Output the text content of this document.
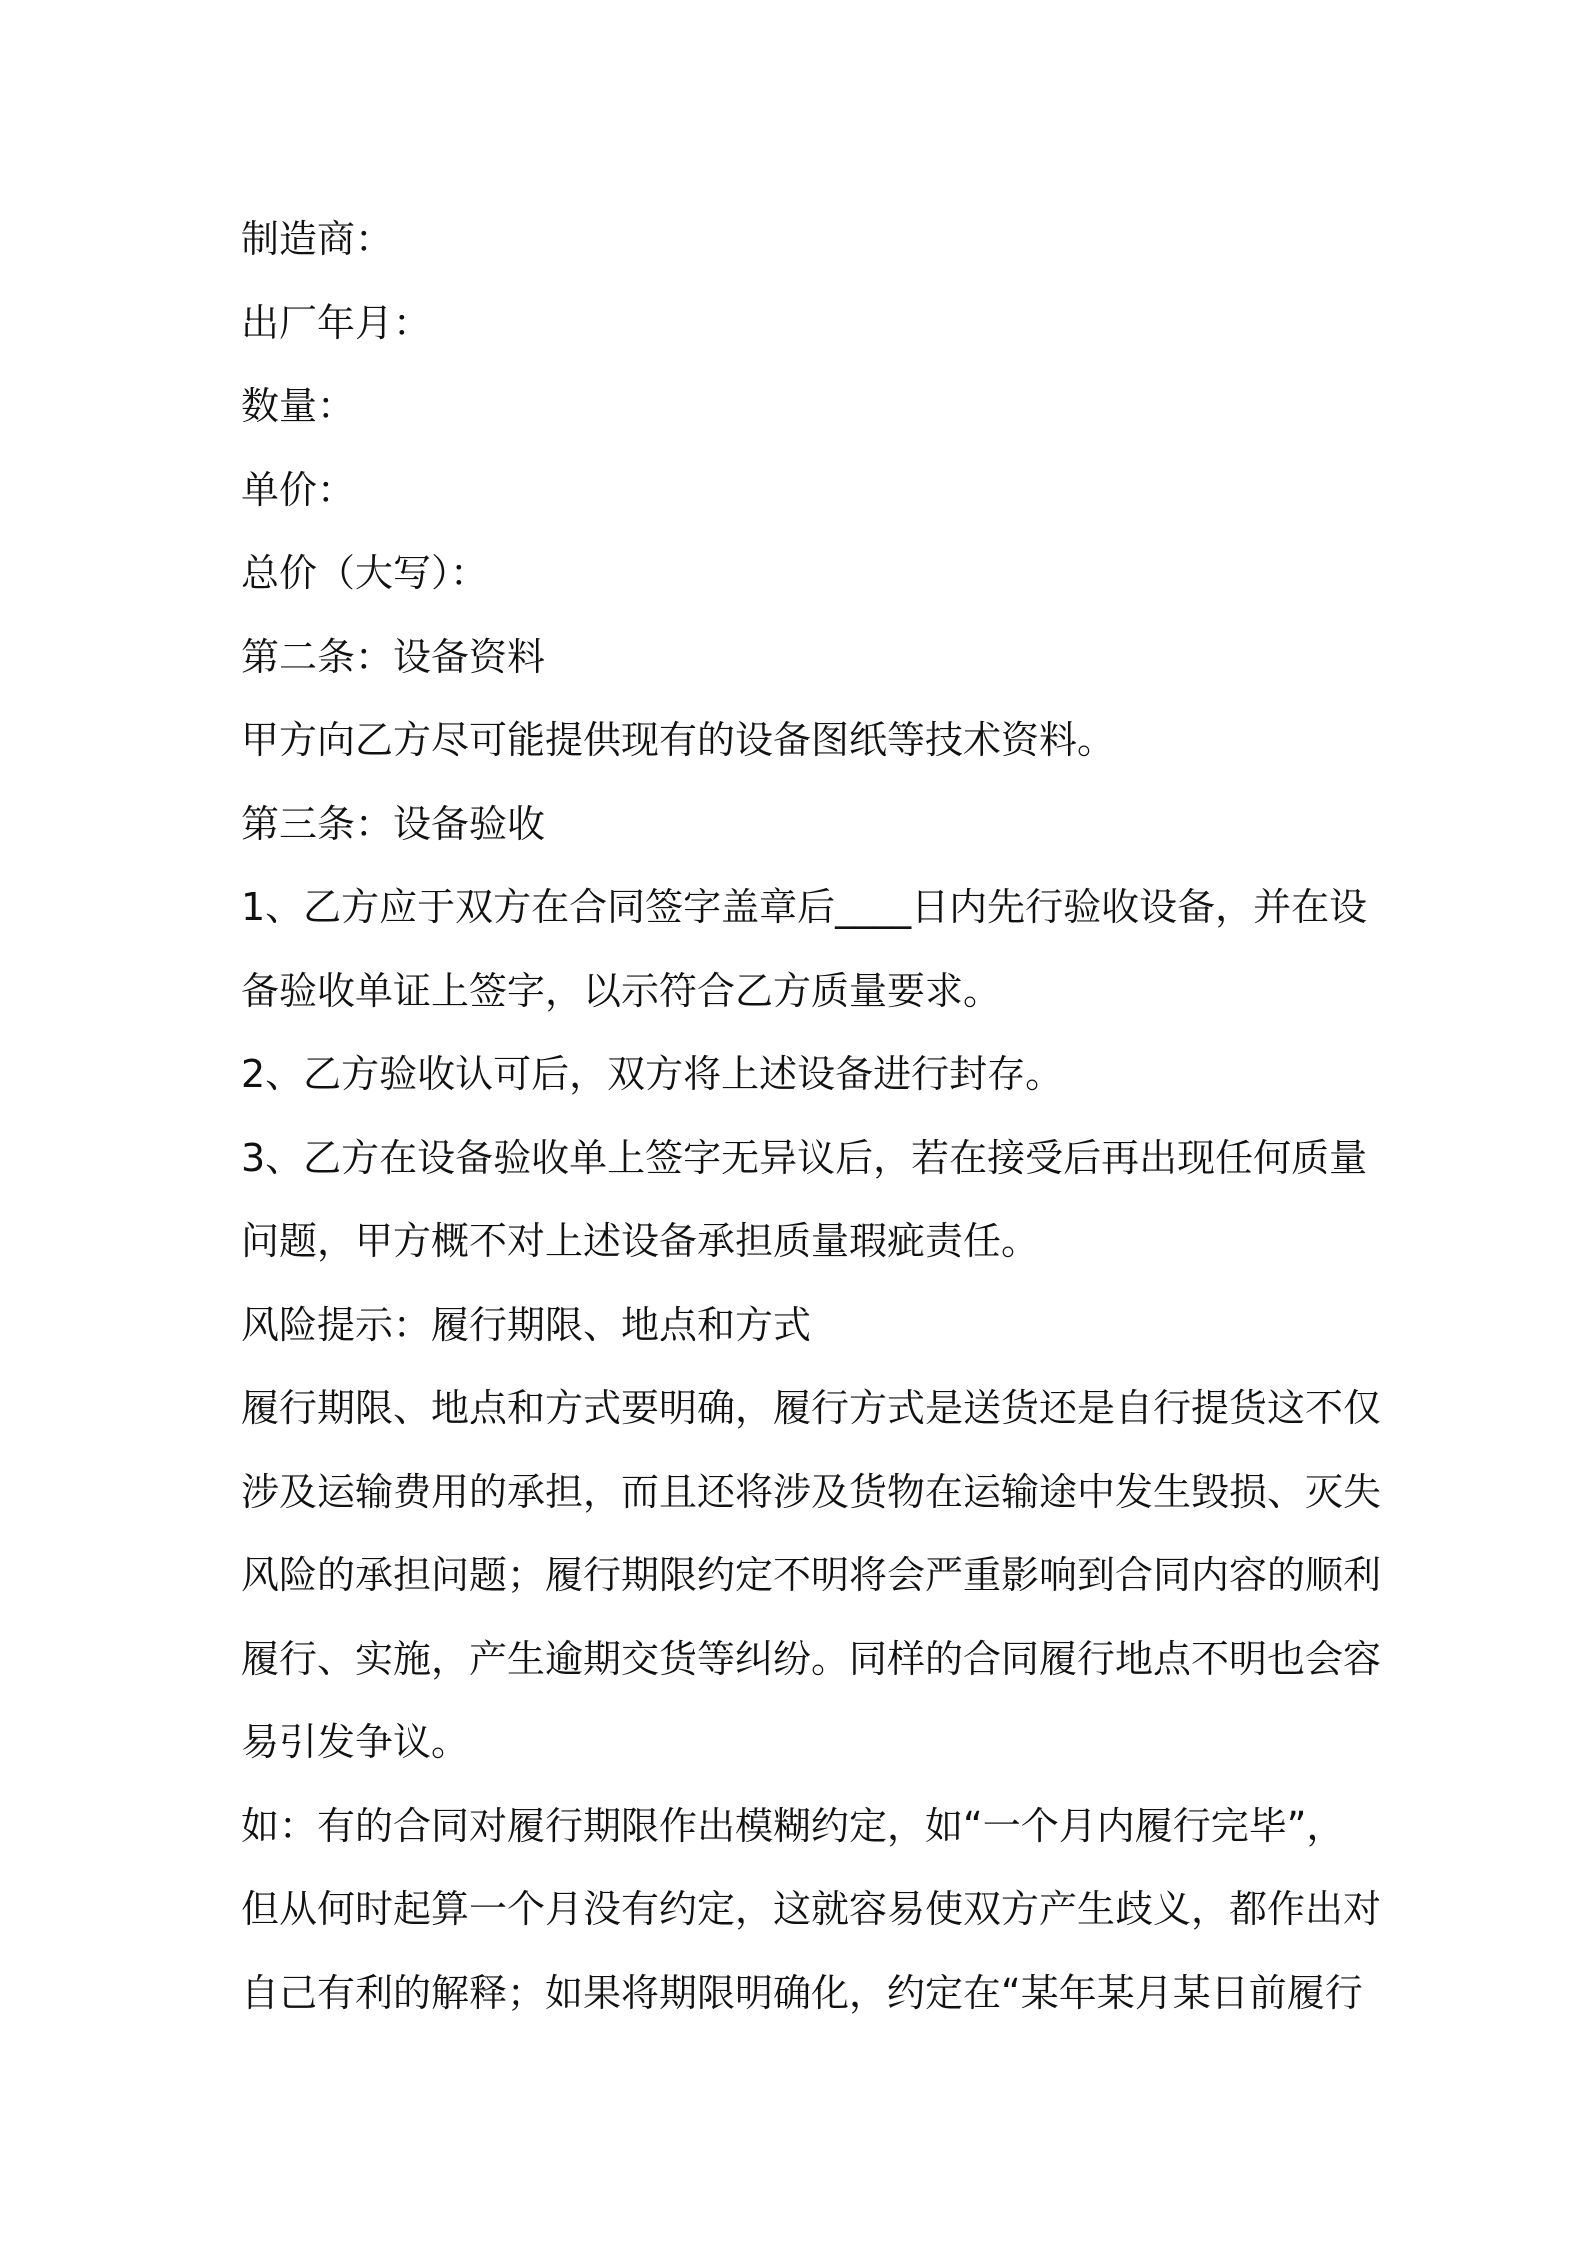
制造商：
出厂年月：
数量：
单价：
总价（大写）：
第二条：设备资料
甲方向乙方尽可能提供现有的设备图纸等技术资料。
第三条：设备验收
1、乙方应于双方在合同签字盖章后____日内先行验收设备，并在设
备验收单证上签字，以示符合乙方质量要求。
2、乙方验收认可后，双方将上述设备进行封存。
3、乙方在设备验收单上签字无异议后，若在接受后再出现任何质量
问题，甲方概不对上述设备承担质量瑕疵责任。
风险提示：履行期限、地点和方式
履行期限、地点和方式要明确，履行方式是送货还是自行提货这不仅
涉及运输费用的承担，而且还将涉及货物在运输途中发生毁损、灭失
风险的承担问题；履行期限约定不明将会严重影响到合同内容的顺利
履行、实施，产生逾期交货等纠纷。同样的合同履行地点不明也会容
易引发争议。
如：有的合同对履行期限作出模糊约定，如“一个月内履行完毕”，
但从何时起算一个月没有约定，这就容易使双方产生歧义，都作出对
自己有利的解释；如果将期限明确化，约定在“某年某月某日前履行
